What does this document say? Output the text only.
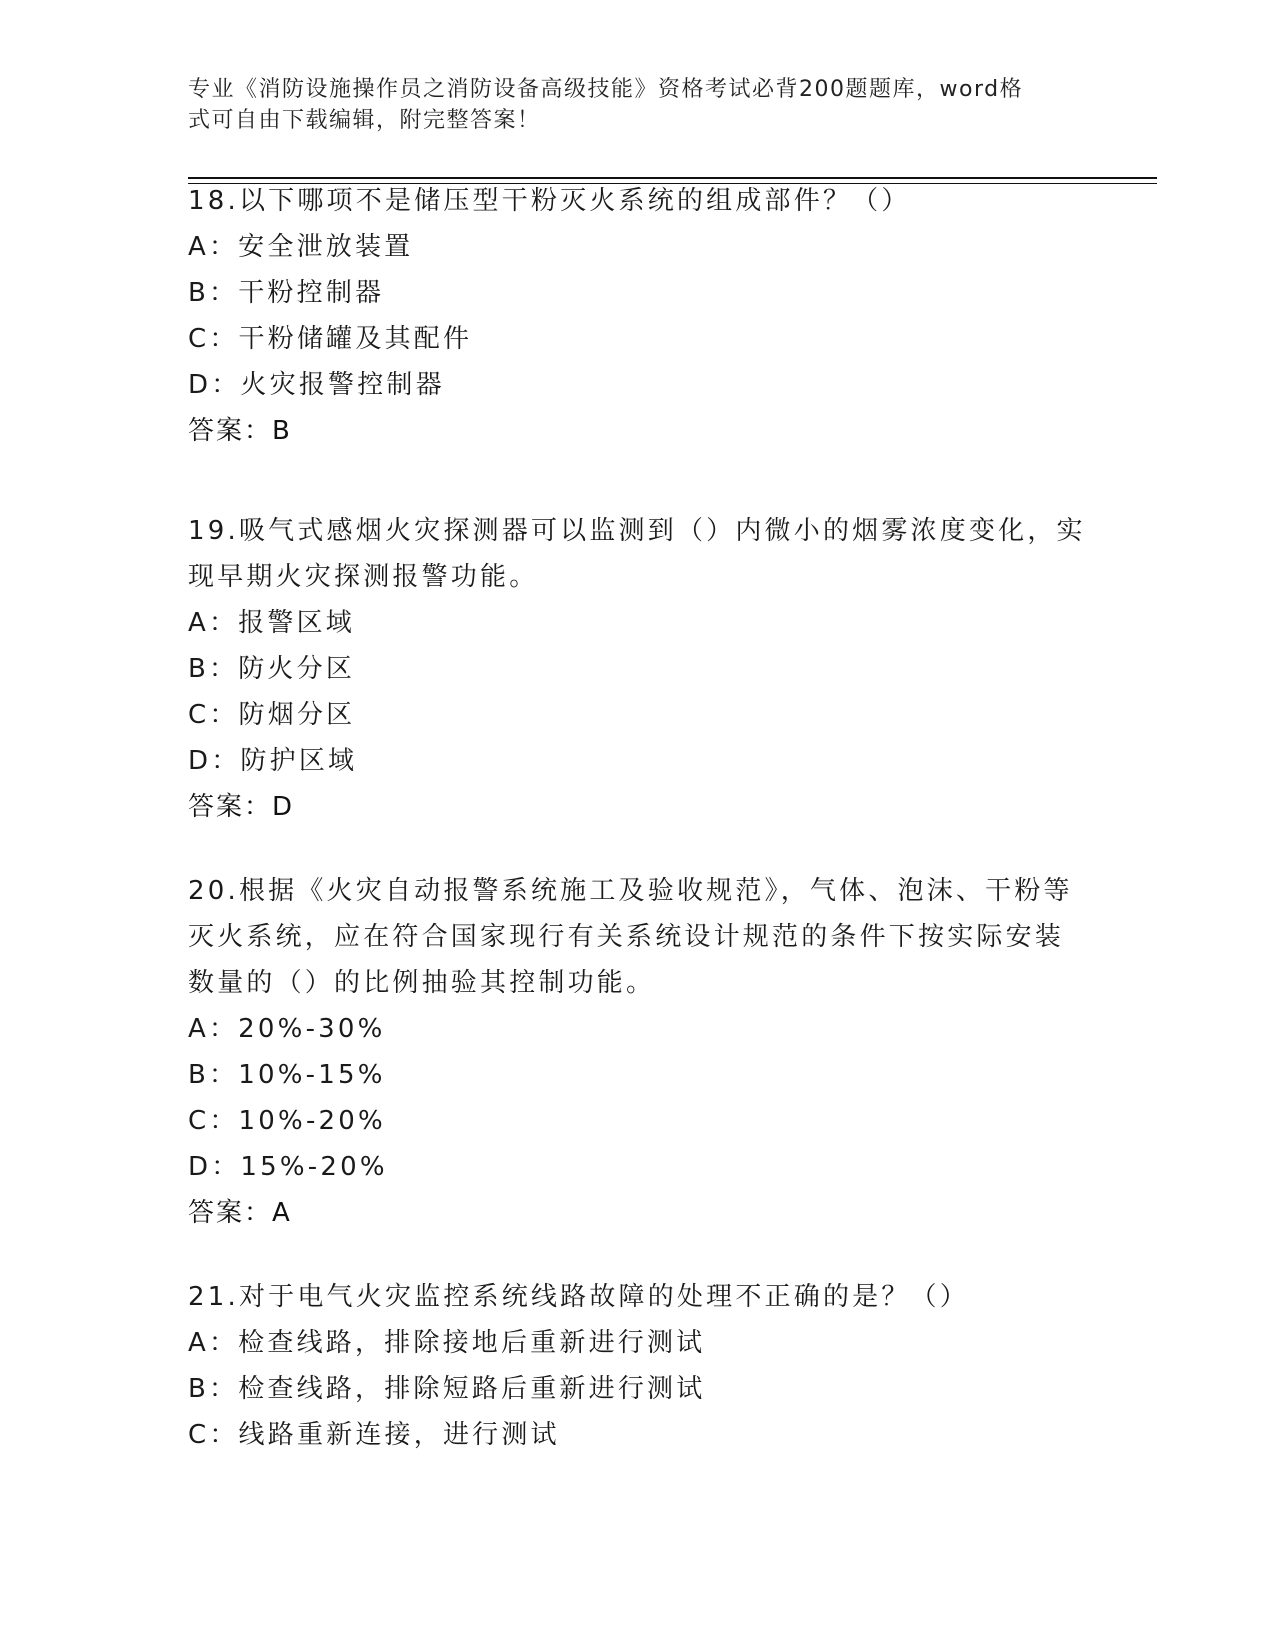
专业《消防设施操作员之消防设备高级技能》资格考试必背200题题库，word格
式可自由下载编辑，附完整答案！
18.以下哪项不是储压型干粉灭火系统的组成部件？（）
A：安全泄放装置
B：干粉控制器
C：干粉储罐及其配件
D：火灾报警控制器
答案：B
19.吸气式感烟火灾探测器可以监测到（）内微小的烟雾浓度变化，实
现早期火灾探测报警功能。
A：报警区域
B：防火分区
C：防烟分区
D：防护区域
答案：D
20.根据《火灾自动报警系统施工及验收规范》，气体、泡沫、干粉等
灭火系统，应在符合国家现行有关系统设计规范的条件下按实际安装
数量的（）的比例抽验其控制功能。
A：20%-30%
B：10%-15%
C：10%-20%
D：15%-20%
答案：A
21.对于电气火灾监控系统线路故障的处理不正确的是？（）
A：检查线路，排除接地后重新进行测试
B：检查线路，排除短路后重新进行测试
C：线路重新连接，进行测试
